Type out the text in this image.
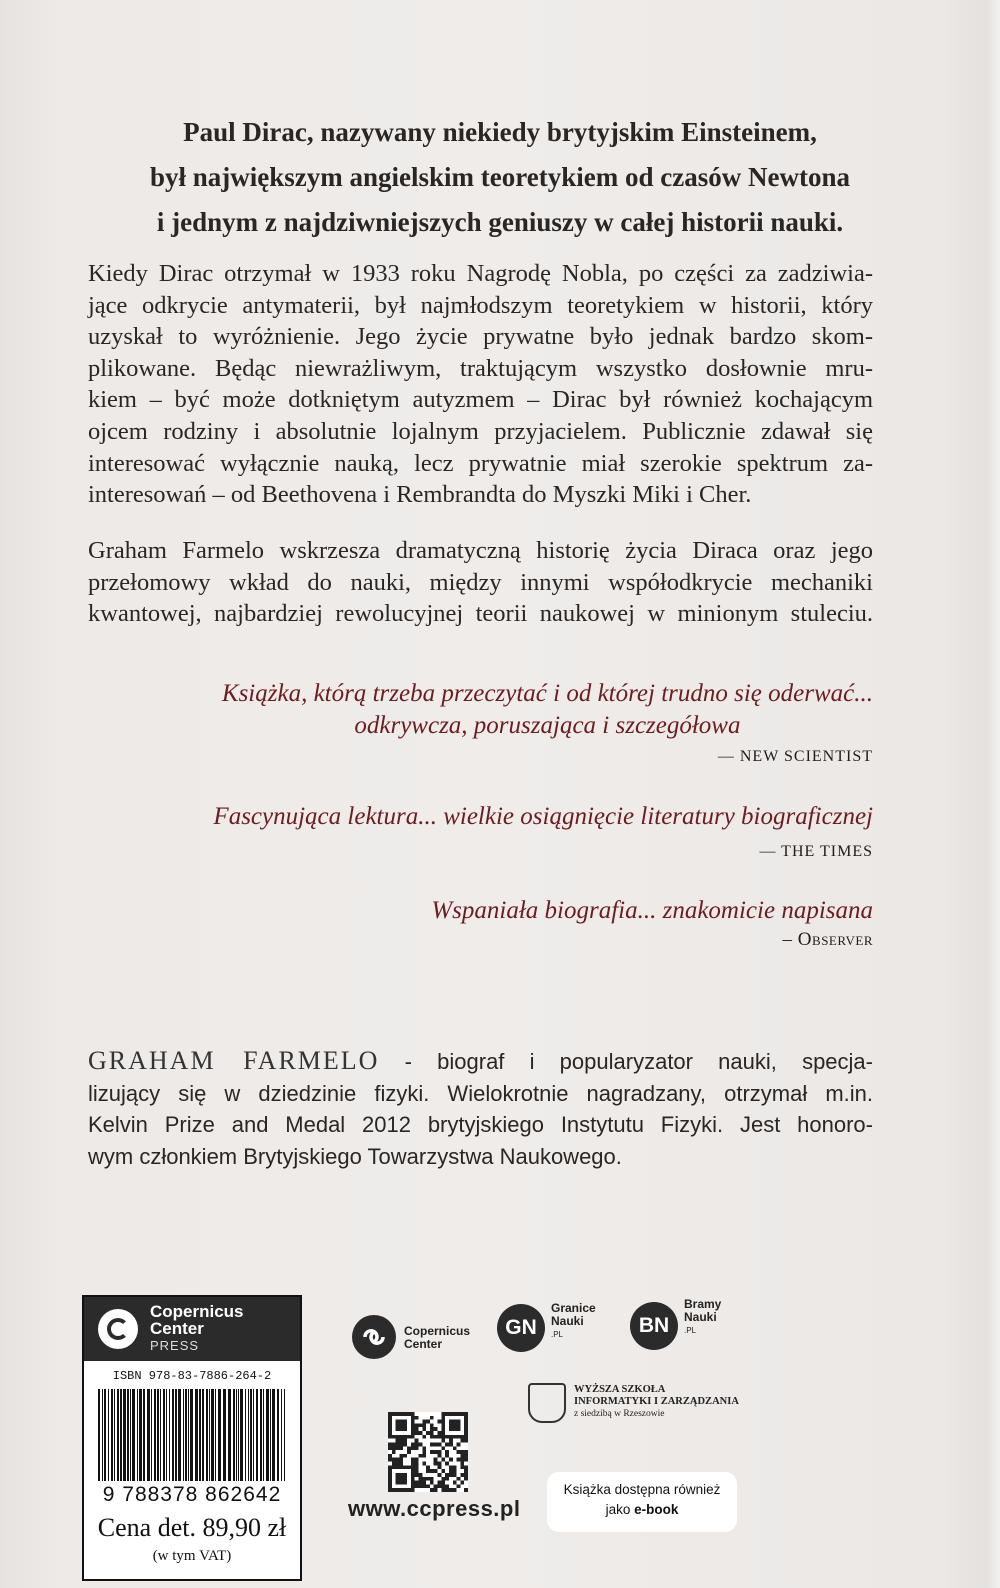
Paul Dirac, nazywany niekiedy brytyjskim Einsteinem,
był największym angielskim teoretykiem od czasów Newtona
i jednym z najdziwniejszych geniuszy w całej historii nauki.
Kiedy Dirac otrzymał w 1933 roku Nagrodę Nobla, po części za zadziwia-
jące odkrycie antymaterii, był najmłodszym teoretykiem w historii, który
uzyskał to wyróżnienie. Jego życie prywatne było jednak bardzo skom-
plikowane. Będąc niewrażliwym, traktującym wszystko dosłownie mru-
kiem – być może dotkniętym autyzmem – Dirac był również kochającym
ojcem rodziny i absolutnie lojalnym przyjacielem. Publicznie zdawał się
interesować wyłącznie nauką, lecz prywatnie miał szerokie spektrum za-
interesowań – od Beethovena i Rembrandta do Myszki Miki i Cher.
Graham Farmelo wskrzesza dramatyczną historię życia Diraca oraz jego
przełomowy wkład do nauki, między innymi współodkrycie mechaniki
kwantowej, najbardziej rewolucyjnej teorii naukowej w minionym stuleciu.
Książka, którą trzeba przeczytać i od której trudno się oderwać...
odkrywcza, poruszająca i szczegółowa
— NEW SCIENTIST
Fascynująca lektura... wielkie osiągnięcie literatury biograficznej
— THE TIMES
Wspaniała biografia... znakomicie napisana
– Observer
GRAHAM FARMELO - biograf i popularyzator nauki, specja-
lizujący się w dziedzinie fizyki. Wielokrotnie nagradzany, otrzymał m.in.
Kelvin Prize and Medal 2012 brytyjskiego Instytutu Fizyki. Jest honoro-
wym członkiem Brytyjskiego Towarzystwa Naukowego.
Copernicus
Center
PRESS
ISBN 978-83-7886-264-2
9 788378 862642
Cena det. 89,90 zł
(w tym VAT)
Copernicus
Center
GN
Granice
Nauki
.PL	BN
Bramy
Nauki
.PL
WYŻSZA SZKOŁA
INFORMATYKI I ZARZĄDZANIA
z siedzibą w Rzeszowie
www.ccpress.pl
Książka dostępna również
jako e-book
